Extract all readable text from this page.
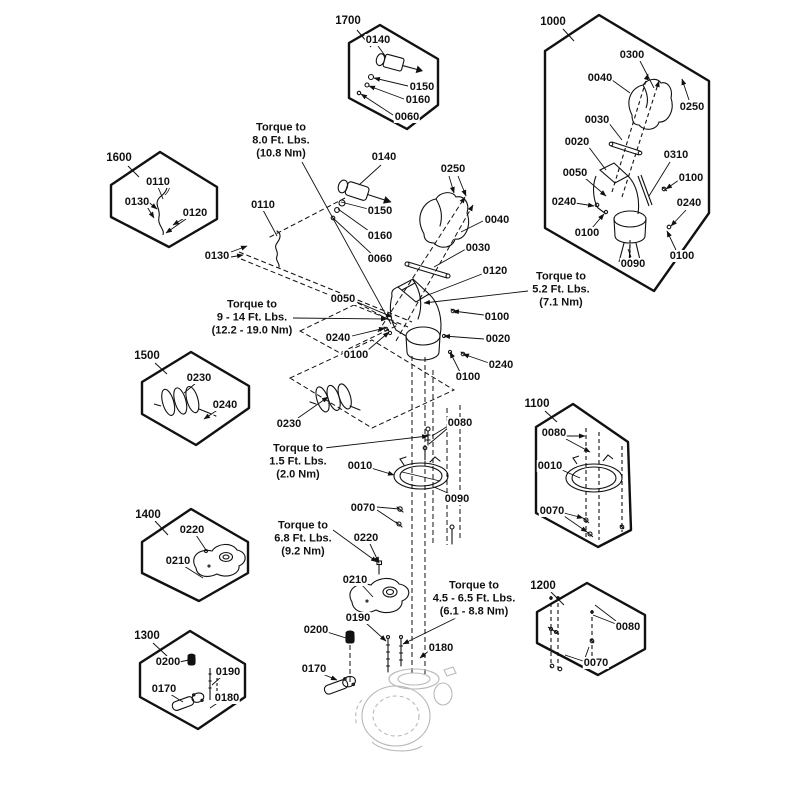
1700	1000
1600
1500
1400
1300
1100
1200
0140
0110	0150
0250
0160
0130	0060
0040
0030
0120
0050
0100
0240	0020
0100
0240
0100
0230	0080
0010
0090
0070
0220
0210
0190
0200
0180
0170
0140
0150
0160
0060
0300
0040
0250
0030
0020
0310
0050	0100
0240	0240
0100
0100
0090
0110
0130
0120
0230
0240
0220
0210
0200
0190
0170
0180
0080
0010
0070
0080
0070
Torque to
8.0 Ft. Lbs.
(10.8 Nm)
Torque to
5.2 Ft. Lbs.
(7.1 Nm)
Torque to
9 - 14 Ft. Lbs.
(12.2 - 19.0 Nm)
Torque to
1.5 Ft. Lbs.
(2.0 Nm)
Torque to
6.8 Ft. Lbs.
(9.2 Nm)
Torque to
4.5 - 6.5 Ft. Lbs.
(6.1 - 8.8 Nm)
